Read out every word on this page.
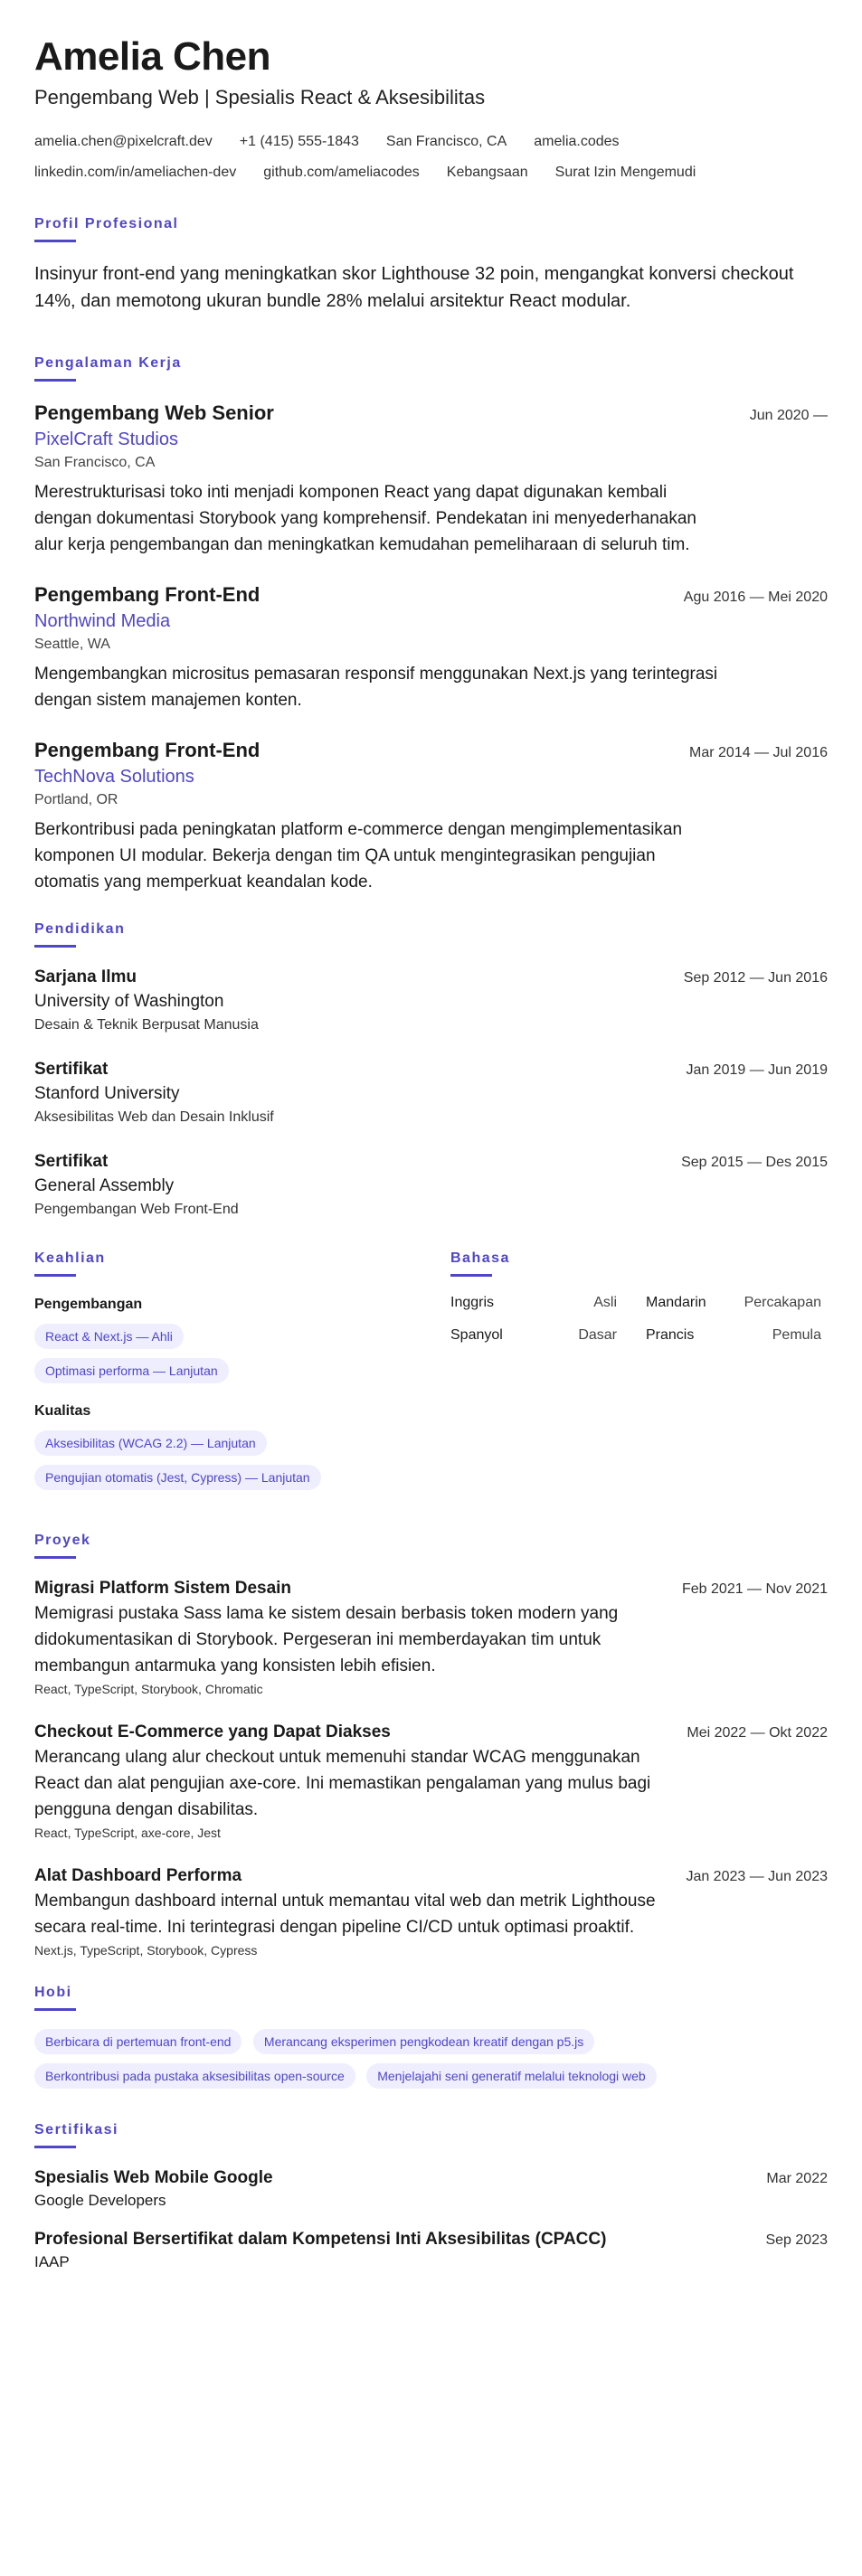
Amelia Chen
Pengembang Web | Spesialis React & Aksesibilitas
amelia.chen@pixelcraft.dev +1 (415) 555-1843 San Francisco, CA amelia.codes
linkedin.com/in/ameliachen-dev github.com/ameliacodes Kebangsaan Surat Izin Mengemudi
Profil Profesional
Insinyur front-end yang meningkatkan skor Lighthouse 32 poin, mengangkat konversi checkout 14%, dan memotong ukuran bundle 28% melalui arsitektur React modular.
Pengalaman Kerja
Pengembang Web Senior	Jun 2020 —
PixelCraft Studios
San Francisco, CA
Merestrukturisasi toko inti menjadi komponen React yang dapat digunakan kembali dengan dokumentasi Storybook yang komprehensif. Pendekatan ini menyederhanakan alur kerja pengembangan dan meningkatkan kemudahan pemeliharaan di seluruh tim.
Pengembang Front-End	Agu 2016 — Mei 2020
Northwind Media
Seattle, WA
Mengembangkan micrositus pemasaran responsif menggunakan Next.js yang terintegrasi dengan sistem manajemen konten.
Pengembang Front-End	Mar 2014 — Jul 2016
TechNova Solutions
Portland, OR
Berkontribusi pada peningkatan platform e-commerce dengan mengimplementasikan komponen UI modular. Bekerja dengan tim QA untuk mengintegrasikan pengujian otomatis yang memperkuat keandalan kode.
Pendidikan
Sarjana Ilmu	Sep 2012 — Jun 2016
University of Washington
Desain & Teknik Berpusat Manusia
Sertifikat	Jan 2019 — Jun 2019
Stanford University
Aksesibilitas Web dan Desain Inklusif
Sertifikat	Sep 2015 — Des 2015
General Assembly
Pengembangan Web Front-End
Keahlian
Pengembangan
React & Next.js — Ahli
Optimasi performa — Lanjutan
Kualitas
Aksesibilitas (WCAG 2.2) — Lanjutan
Pengujian otomatis (Jest, Cypress) — Lanjutan
Bahasa
Inggris	Asli Mandarin	Percakapan
Spanyol	Dasar Prancis	Pemula
Proyek
Migrasi Platform Sistem Desain	Feb 2021 — Nov 2021
Memigrasi pustaka Sass lama ke sistem desain berbasis token modern yang didokumentasikan di Storybook. Pergeseran ini memberdayakan tim untuk membangun antarmuka yang konsisten lebih efisien.
React, TypeScript, Storybook, Chromatic
Checkout E-Commerce yang Dapat Diakses	Mei 2022 — Okt 2022
Merancang ulang alur checkout untuk memenuhi standar WCAG menggunakan React dan alat pengujian axe-core. Ini memastikan pengalaman yang mulus bagi pengguna dengan disabilitas.
React, TypeScript, axe-core, Jest
Alat Dashboard Performa	Jan 2023 — Jun 2023
Membangun dashboard internal untuk memantau vital web dan metrik Lighthouse secara real-time. Ini terintegrasi dengan pipeline CI/CD untuk optimasi proaktif.
Next.js, TypeScript, Storybook, Cypress
Hobi
Berbicara di pertemuan front-end	Merancang eksperimen pengkodean kreatif dengan p5.js Berkontribusi pada pustaka aksesibilitas open-source	Menjelajahi seni generatif melalui teknologi web
Sertifikasi
Spesialis Web Mobile Google	Mar 2022
Google Developers
Profesional Bersertifikat dalam Kompetensi Inti Aksesibilitas (CPACC)	Sep 2023
IAAP
